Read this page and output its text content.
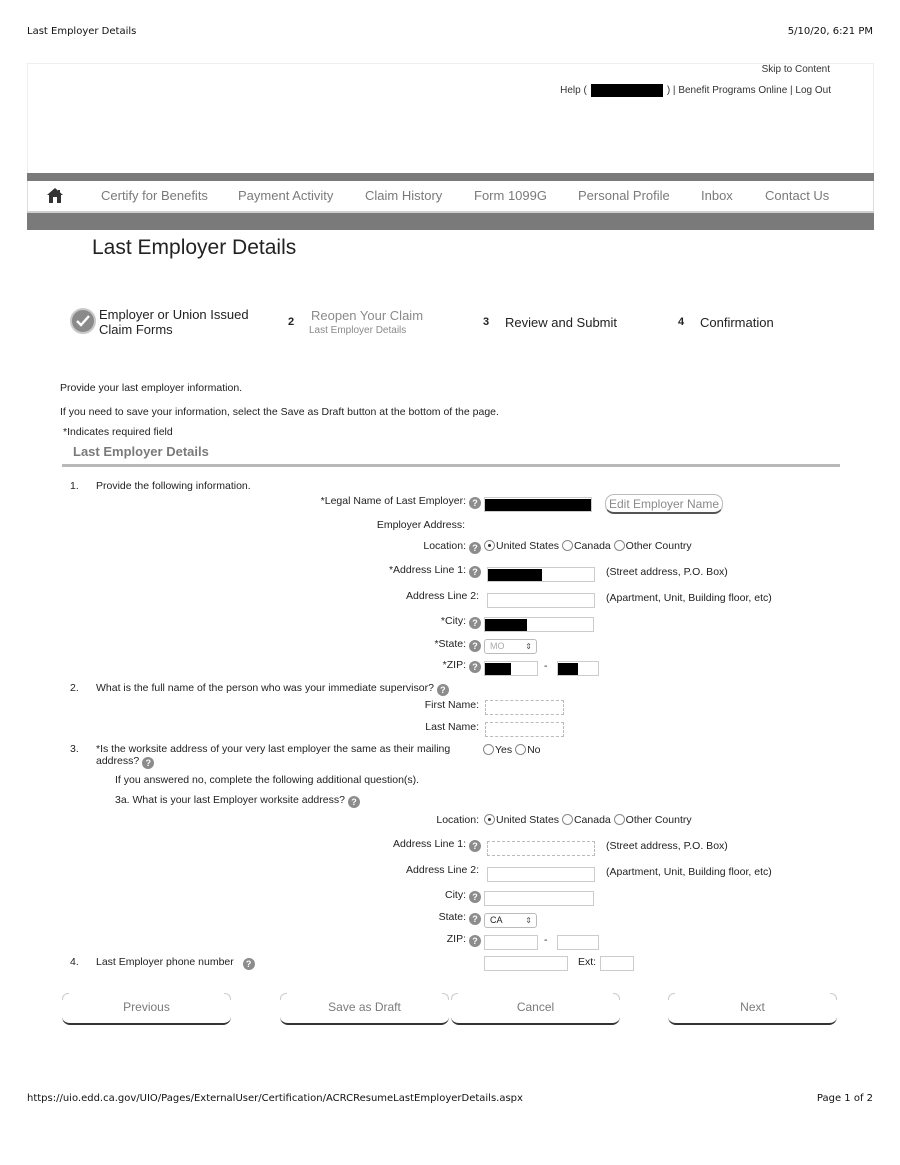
Last Employer Details	5/10/20, 6:21 PM
Skip to Content
Help (	) | Benefit Programs Online | Log Out
Certify for Benefits Payment Activity Claim History Form 1099G Personal Profile Inbox Contact Us
Last Employer Details
Employer or Union Issued
Claim Forms	2 Reopen Your Claim
Last Employer Details
3 Review and Submit	4 Confirmation
Provide your last employer information.
If you need to save your information, select the Save as Draft button at the bottom of the page.
*Indicates required field
Last Employer Details
1. Provide the following information.
*Legal Name of Last Employer: ?	Edit Employer Name
Employer Address:
Location: ?	United States Canada Other Country
*Address Line 1: ?	(Street address, P.O. Box)
Address Line 2:	(Apartment, Unit, Building floor, etc)
*City: ?
*State: ?	MO	⇕
*ZIP: ?	-
2. What is the full name of the person who was your immediate supervisor? ?
First Name:
Last Name:
3. *Is the worksite address of your very last employer the same as their mailing
address? ?
Yes No
If you answered no, complete the following additional question(s).
3a. What is your last Employer worksite address? ?
Location:	United States Canada Other Country
Address Line 1: ?	(Street address, P.O. Box)
Address Line 2:	(Apartment, Unit, Building floor, etc)
City: ?
State: ?	CA	⇕
ZIP: ?	-
4. Last Employer phone number ?	Ext:
Previous	Save as Draft	Cancel	Next
https://uio.edd.ca.gov/UIO/Pages/ExternalUser/Certification/ACRCResumeLastEmployerDetails.aspx	Page 1 of 2
